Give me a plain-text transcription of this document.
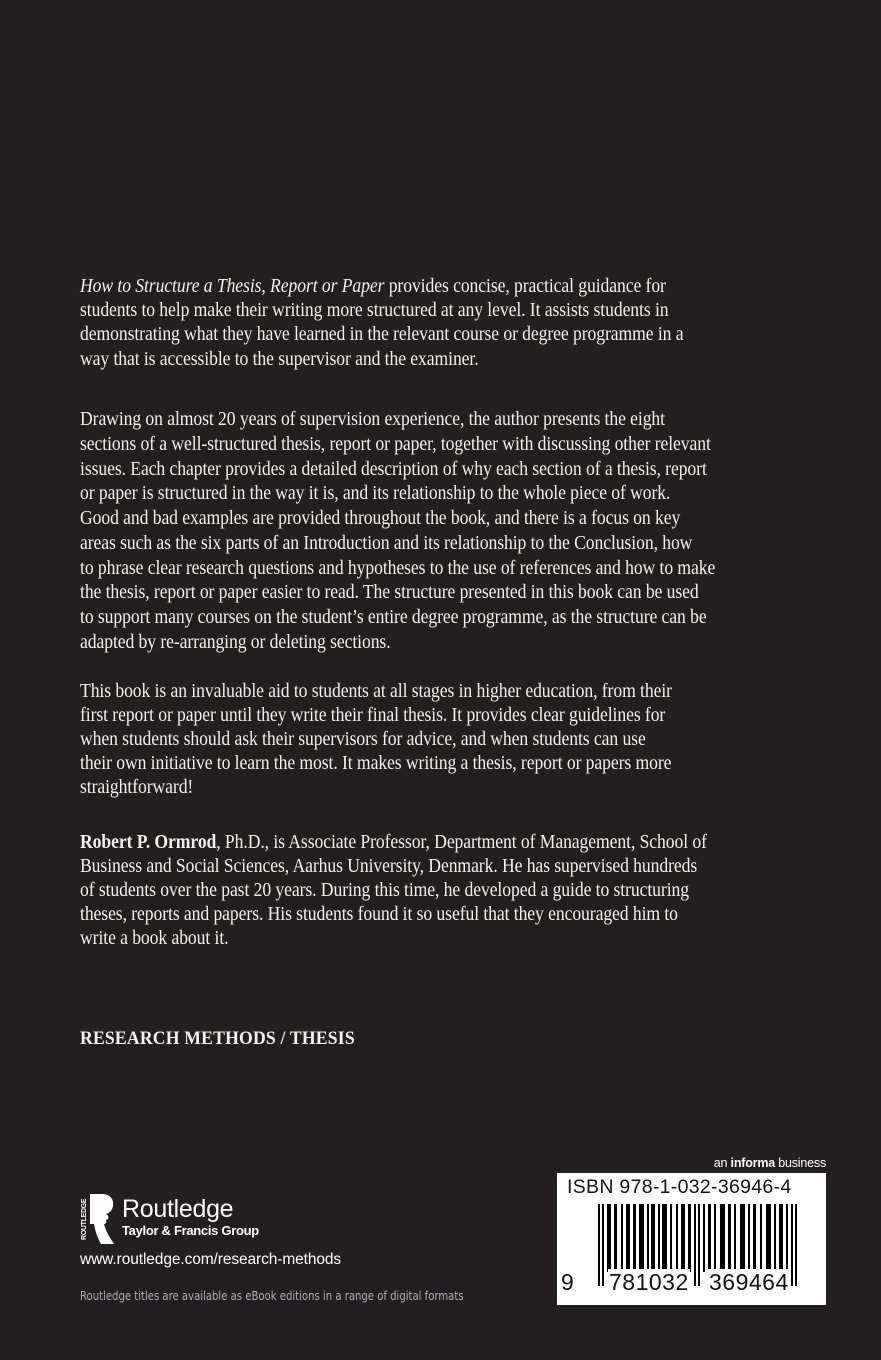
How to Structure a Thesis, Report or Paper provides concise, practical guidance for
students to help make their writing more structured at any level. It assists students in
demonstrating what they have learned in the relevant course or degree programme in a
way that is accessible to the supervisor and the examiner.
Drawing on almost 20 years of supervision experience, the author presents the eight
sections of a well-structured thesis, report or paper, together with discussing other relevant
issues. Each chapter provides a detailed description of why each section of a thesis, report
or paper is structured in the way it is, and its relationship to the whole piece of work.
Good and bad examples are provided throughout the book, and there is a focus on key
areas such as the six parts of an Introduction and its relationship to the Conclusion, how
to phrase clear research questions and hypotheses to the use of references and how to make
the thesis, report or paper easier to read. The structure presented in this book can be used
to support many courses on the student’s entire degree programme, as the structure can be
adapted by re-arranging or deleting sections.
This book is an invaluable aid to students at all stages in higher education, from their
first report or paper until they write their final thesis. It provides clear guidelines for
when students should ask their supervisors for advice, and when students can use
their own initiative to learn the most. It makes writing a thesis, report or papers more
straightforward!
Robert P. Ormrod, Ph.D., is Associate Professor, Department of Management, School of
Business and Social Sciences, Aarhus University, Denmark. He has supervised hundreds
of students over the past 20 years. During this time, he developed a guide to structuring
theses, reports and papers. His students found it so useful that they encouraged him to
write a book about it.
RESEARCH METHODS / THESIS
ROUTLEDGE Routledge
Taylor & Francis Group
www.routledge.com/research-methods
Routledge titles are available as eBook editions in a range of digital formats
an informa business
ISBN 978-1-032-36946-4
9 781032 369464
